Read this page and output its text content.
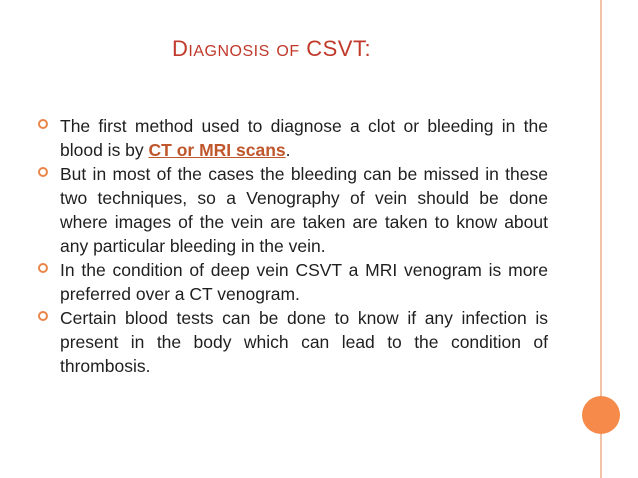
DIAGNOSIS OF CSVT:
The first method used to diagnose a clot or bleeding in the blood is by CT or MRI scans.
But in most of the cases the bleeding can be missed in these two techniques, so a Venography of vein should be done where images of the vein are taken are taken to know about any particular bleeding in the vein.
In the condition of deep vein CSVT a MRI venogram is more preferred over a CT venogram.
Certain blood tests can be done to know if any infection is present in the body which can lead to the condition of thrombosis.
